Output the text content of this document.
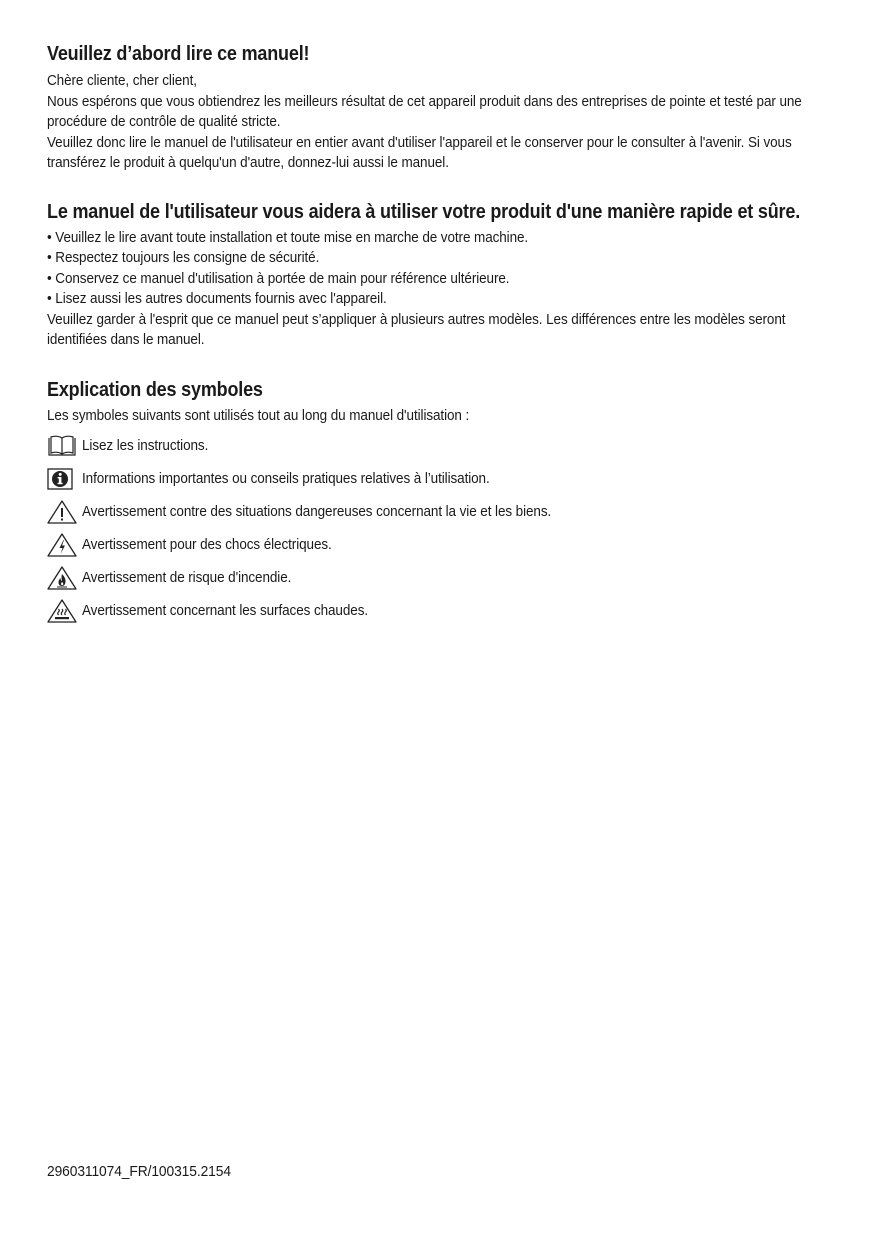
Veuillez d’abord lire ce manuel!

Chère cliente, cher client,

Nous espérons que vous obtiendrez les meilleurs résultat de cet appareil produit dans des entreprises de pointe et testé par une procédure de contrôle de qualité stricte.

Veuillez donc lire le manuel de l'utilisateur en entier avant d'utiliser l'appareil et le conserver pour le consulter à l'avenir. Si vous transférez le produit à quelqu'un d'autre, donnez-lui aussi le manuel.

Le manuel de l'utilisateur vous aidera à utiliser votre produit d'une manière rapide et sûre.
• Veuillez le lire avant toute installation et toute mise en marche de votre machine.
• Respectez toujours les consigne de sécurité.
• Conservez ce manuel d'utilisation à portée de main pour référence ultérieure.
• Lisez aussi les autres documents fournis avec l'appareil.

Veuillez garder à l'esprit que ce manuel peut s’appliquer à plusieurs autres modèles. Les différences entre les modèles seront identifiées dans le manuel.

Explication des symboles

Les symboles suivants sont utilisés tout au long du manuel d'utilisation :

Lisez les instructions.
Informations importantes ou conseils pratiques relatives à l’utilisation.
Avertissement contre des situations dangereuses concernant la vie et les biens.
Avertissement pour des chocs électriques.
Avertissement de risque d'incendie.
Avertissement concernant les surfaces chaudes.
2960311074_FR/100315.2154
